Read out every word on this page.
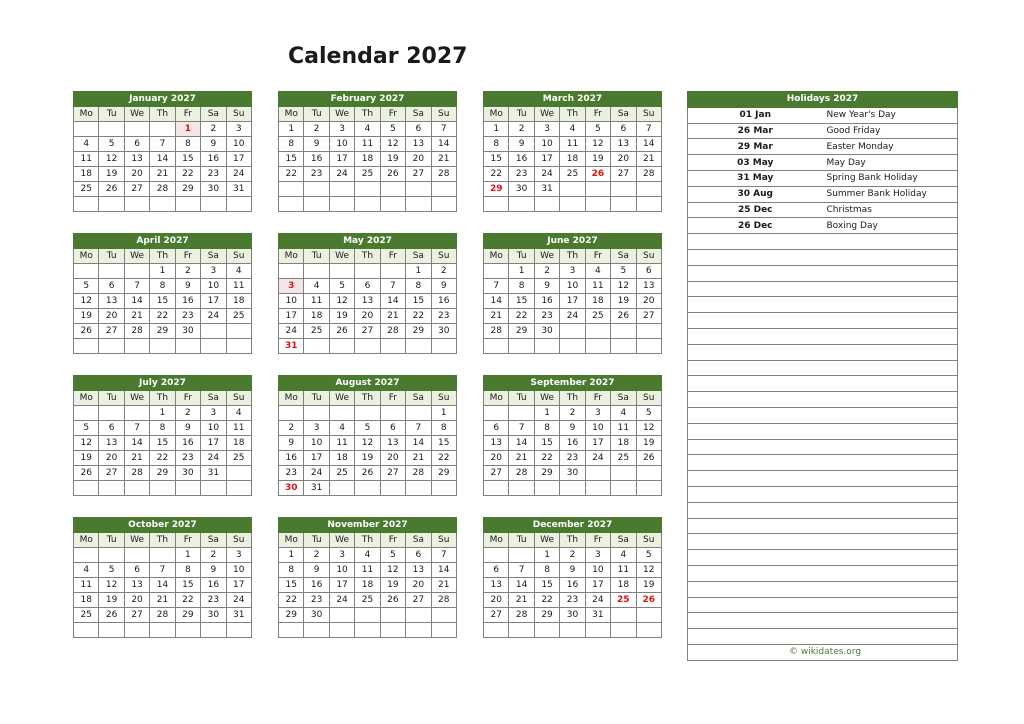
Calendar 2027
January 2027						
Mo	Tu	We	Th	Fr	Sa	Su
				1	2	3
4	5	6	7	8	9	10
11	12	13	14	15	16	17
18	19	20	21	22	23	24
25	26	27	28	29	30	31

February 2027						
Mo	Tu	We	Th	Fr	Sa	Su
1	2	3	4	5	6	7
8	9	10	11	12	13	14
15	16	17	18	19	20	21
22	23	24	25	26	27	28

March 2027						
Mo	Tu	We	Th	Fr	Sa	Su
1	2	3	4	5	6	7
8	9	10	11	12	13	14
15	16	17	18	19	20	21
22	23	24	25	26	27	28
29	30	31				

April 2027						
Mo	Tu	We	Th	Fr	Sa	Su
			1	2	3	4
5	6	7	8	9	10	11
12	13	14	15	16	17	18
19	20	21	22	23	24	25
26	27	28	29	30		

May 2027						
Mo	Tu	We	Th	Fr	Sa	Su
					1	2
3	4	5	6	7	8	9
10	11	12	13	14	15	16
17	18	19	20	21	22	23
24	25	26	27	28	29	30
31						
June 2027						
Mo	Tu	We	Th	Fr	Sa	Su
	1	2	3	4	5	6
7	8	9	10	11	12	13
14	15	16	17	18	19	20
21	22	23	24	25	26	27
28	29	30				

July 2027						
Mo	Tu	We	Th	Fr	Sa	Su
			1	2	3	4
5	6	7	8	9	10	11
12	13	14	15	16	17	18
19	20	21	22	23	24	25
26	27	28	29	30	31	

August 2027						
Mo	Tu	We	Th	Fr	Sa	Su
						1
2	3	4	5	6	7	8
9	10	11	12	13	14	15
16	17	18	19	20	21	22
23	24	25	26	27	28	29
30	31					
September 2027						
Mo	Tu	We	Th	Fr	Sa	Su
		1	2	3	4	5
6	7	8	9	10	11	12
13	14	15	16	17	18	19
20	21	22	23	24	25	26
27	28	29	30			

October 2027						
Mo	Tu	We	Th	Fr	Sa	Su
				1	2	3
4	5	6	7	8	9	10
11	12	13	14	15	16	17
18	19	20	21	22	23	24
25	26	27	28	29	30	31

November 2027						
Mo	Tu	We	Th	Fr	Sa	Su
1	2	3	4	5	6	7
8	9	10	11	12	13	14
15	16	17	18	19	20	21
22	23	24	25	26	27	28
29	30					

December 2027						
Mo	Tu	We	Th	Fr	Sa	Su
		1	2	3	4	5
6	7	8	9	10	11	12
13	14	15	16	17	18	19
20	21	22	23	24	25	26
27	28	29	30	31		

Holidays 2027	
01 Jan	New Year's Day
26 Mar	Good Friday
29 Mar	Easter Monday
03 May	May Day
31 May	Spring Bank Holiday
30 Aug	Summer Bank Holiday
25 Dec	Christmas
26 Dec	Boxing Day

© wikidates.org
